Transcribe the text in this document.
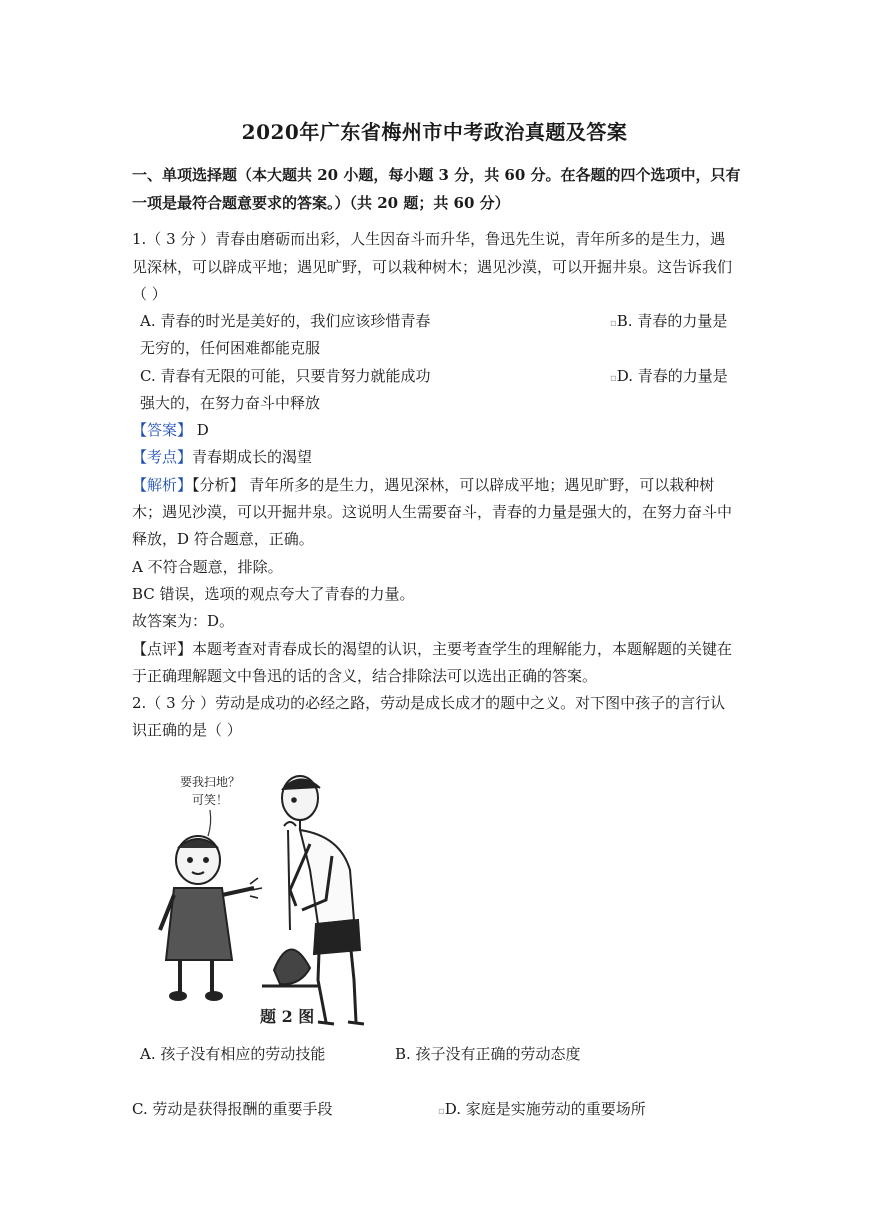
2020年广东省梅州市中考政治真题及答案
一、单项选择题（本大题共 20 小题，每小题 3 分，共 60 分。在各题的四个选项中，只有
一项是最符合题意要求的答案。）（共 20 题；共 60 分）
1.（ 3 分 ）青春由磨砺而出彩，人生因奋斗而升华，鲁迅先生说，青年所多的是生力，遇
见深林，可以辟成平地；遇见旷野，可以栽种树木；遇见沙漠，可以开掘井泉。这告诉我们
（ ）
A. 青春的时光是美好的，我们应该珍惜青春	▫B. 青春的力量是
无穷的，任何困难都能克服
C. 青春有无限的可能，只要肯努力就能成功	▫D. 青春的力量是
强大的，在努力奋斗中释放
【答案】 D
【考点】青春期成长的渴望
【解析】【分析】 青年所多的是生力，遇见深林，可以辟成平地；遇见旷野，可以栽种树
木；遇见沙漠，可以开掘井泉。这说明人生需要奋斗，青春的力量是强大的，在努力奋斗中
释放，D 符合题意，正确。
A 不符合题意，排除。
BC 错误，选项的观点夸大了青春的力量。
故答案为：D。
【点评】本题考查对青春成长的渴望的认识，主要考查学生的理解能力，本题解题的关键在
于正确理解题文中鲁迅的话的含义，结合排除法可以选出正确的答案。
2.（ 3 分 ）劳动是成功的必经之路，劳动是成长成才的题中之义。对下图中孩子的言行认
识正确的是（ ）
要我扫地？
可笑！
题 2 图
A. 孩子没有相应的劳动技能	B. 孩子没有正确的劳动态度
C. 劳动是获得报酬的重要手段	▫D. 家庭是实施劳动的重要场所
